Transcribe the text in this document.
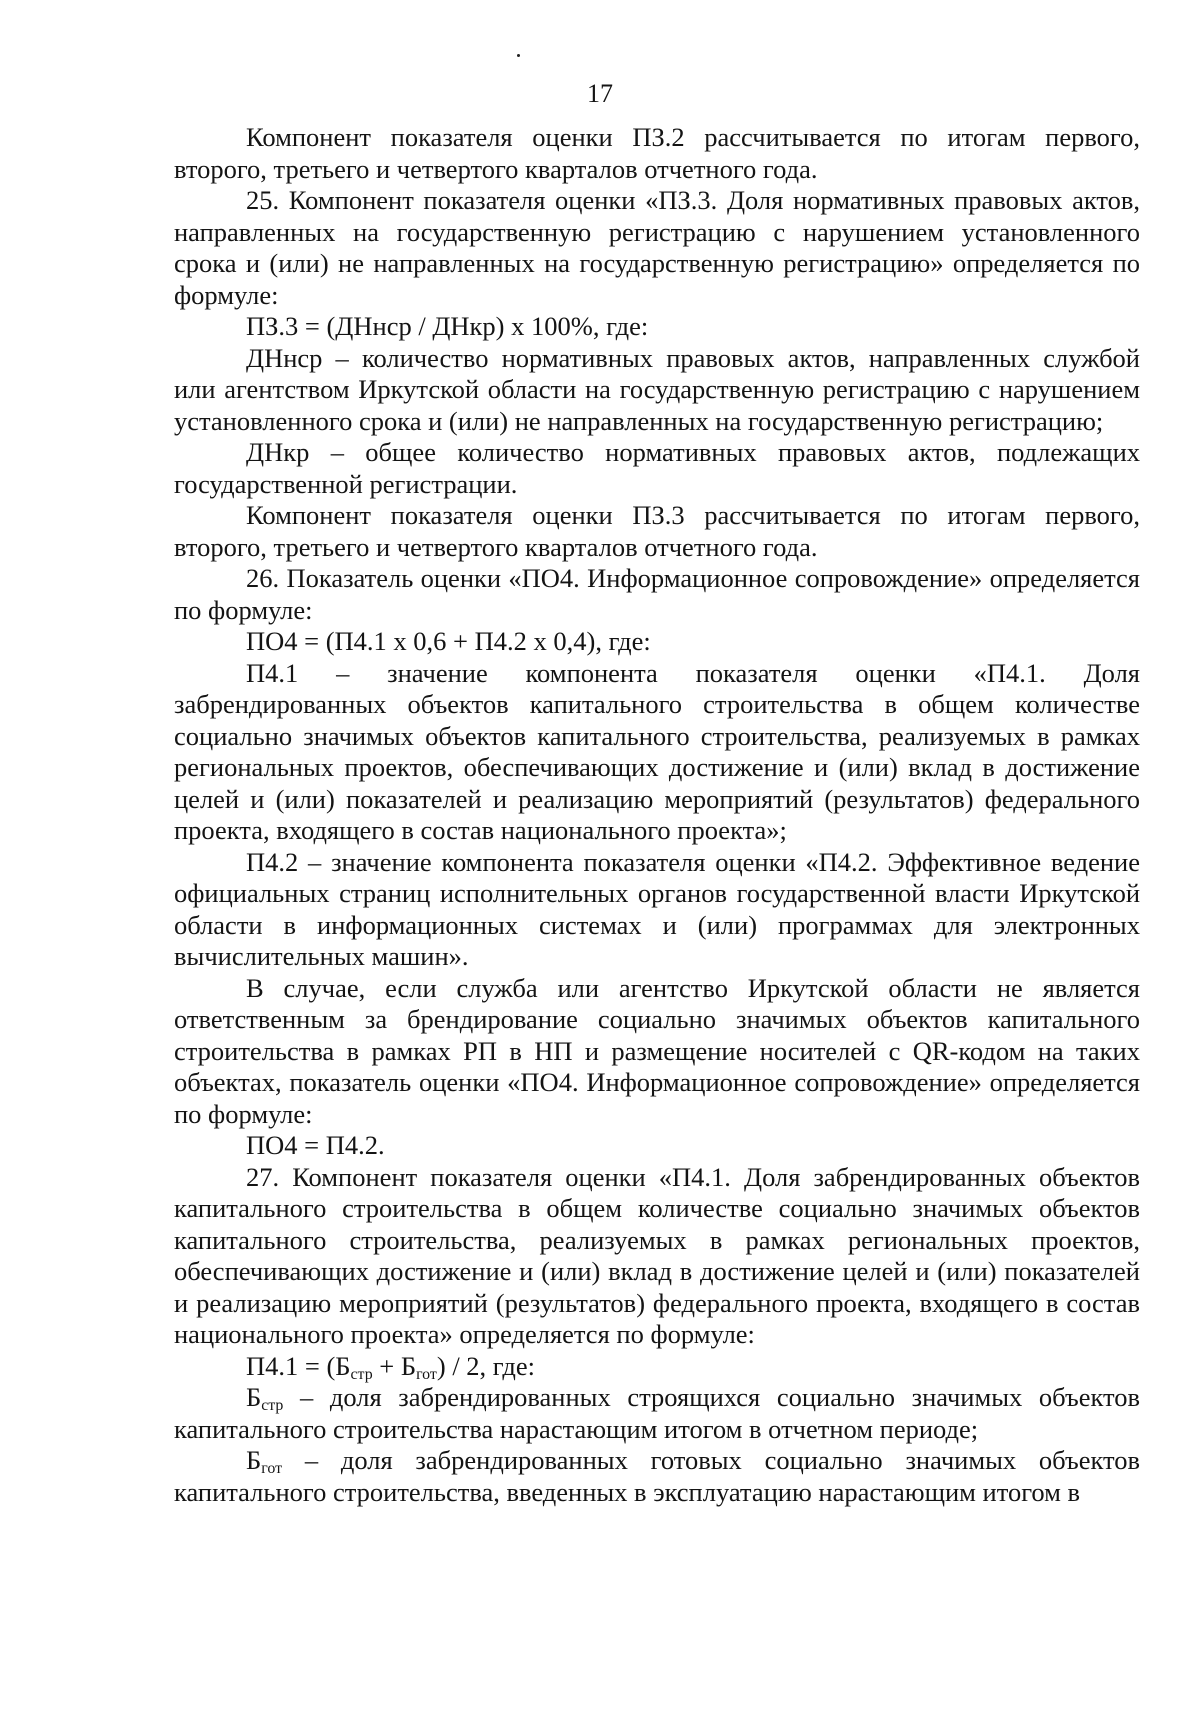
17

Компонент показателя оценки ПЗ.2 рассчитывается по итогам первого, второго, третьего и четвертого кварталов отчетного года.

25. Компонент показателя оценки «ПЗ.3. Доля нормативных правовых актов, направленных на государственную регистрацию с нарушением установленного срока и (или) не направленных на государственную регистрацию» определяется по формуле:

ПЗ.3 = (ДНнср / ДНкр) x 100%, где:

ДНнср – количество нормативных правовых актов, направленных службой или агентством Иркутской области на государственную регистрацию с нарушением установленного срока и (или) не направленных на государственную регистрацию;

ДНкр – общее количество нормативных правовых актов, подлежащих государственной регистрации.

Компонент показателя оценки ПЗ.3 рассчитывается по итогам первого, второго, третьего и четвертого кварталов отчетного года.

26. Показатель оценки «ПО4. Информационное сопровождение» определяется по формуле:

ПО4 = (П4.1 x 0,6 + П4.2 x 0,4), где:

П4.1 – значение компонента показателя оценки «П4.1. Доля забрендированных объектов капитального строительства в общем количестве социально значимых объектов капитального строительства, реализуемых в рамках региональных проектов, обеспечивающих достижение и (или) вклад в достижение целей и (или) показателей и реализацию мероприятий (результатов) федерального проекта, входящего в состав национального проекта»;

П4.2 – значение компонента показателя оценки «П4.2. Эффективное ведение официальных страниц исполнительных органов государственной власти Иркутской области в информационных системах и (или) программах для электронных вычислительных машин».

В случае, если служба или агентство Иркутской области не является ответственным за брендирование социально значимых объектов капитального строительства в рамках РП в НП и размещение носителей с QR-кодом на таких объектах, показатель оценки «ПО4. Информационное сопровождение» определяется по формуле:

ПО4 = П4.2.

27. Компонент показателя оценки «П4.1. Доля забрендированных объектов капитального строительства в общем количестве социально значимых объектов капитального строительства, реализуемых в рамках региональных проектов, обеспечивающих достижение и (или) вклад в достижение целей и (или) показателей и реализацию мероприятий (результатов) федерального проекта, входящего в состав национального проекта» определяется по формуле:

$П4.1 = (Б_{стр} + Б_{гот}) / 2$, где:

$Б_{стр}$ – доля забрендированных строящихся социально значимых объектов капитального строительства нарастающим итогом в отчетном периоде;

$Б_{гот}$ – доля забрендированных готовых социально значимых объектов капитального строительства, введенных в эксплуатацию нарастающим итогом в
